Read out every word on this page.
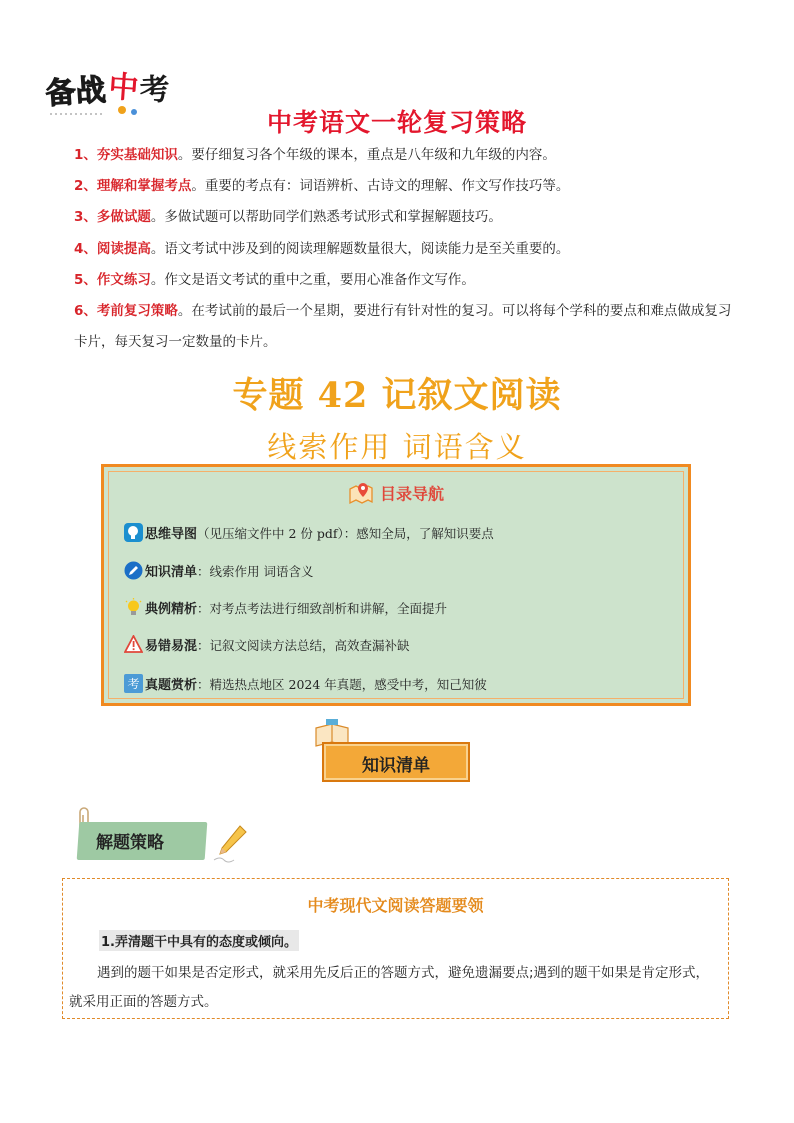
备战 中 考
中考语文一轮复习策略
1、夯实基础知识。要仔细复习各个年级的课本，重点是八年级和九年级的内容。
2、理解和掌握考点。重要的考点有：词语辨析、古诗文的理解、作文写作技巧等。
3、多做试题。多做试题可以帮助同学们熟悉考试形式和掌握解题技巧。
4、阅读提高。语文考试中涉及到的阅读理解题数量很大，阅读能力是至关重要的。
5、作文练习。作文是语文考试的重中之重，要用心准备作文写作。
6、考前复习策略。在考试前的最后一个星期，要进行有针对性的复习。可以将每个学科的要点和难点做成复习卡片，每天复习一定数量的卡片。
专题 42 记叙文阅读
线索作用 词语含义
目录导航
思维导图 （见压缩文件中 2 份 pdf）：感知全局，了解知识要点
知识清单 ：线索作用 词语含义
典例精析 ：对考点考法进行细致剖析和讲解，全面提升
易错易混 ：记叙文阅读方法总结，高效查漏补缺
考 真题赏析 ：精选热点地区 2024 年真题，感受中考，知己知彼
知识清单
解题策略
中考现代文阅读答题要领
1.弄清题干中具有的态度或倾向。
遇到的题干如果是否定形式，就采用先反后正的答题方式，避免遗漏要点;遇到的题干如果是肯定形式，就采用正面的答题方式。
